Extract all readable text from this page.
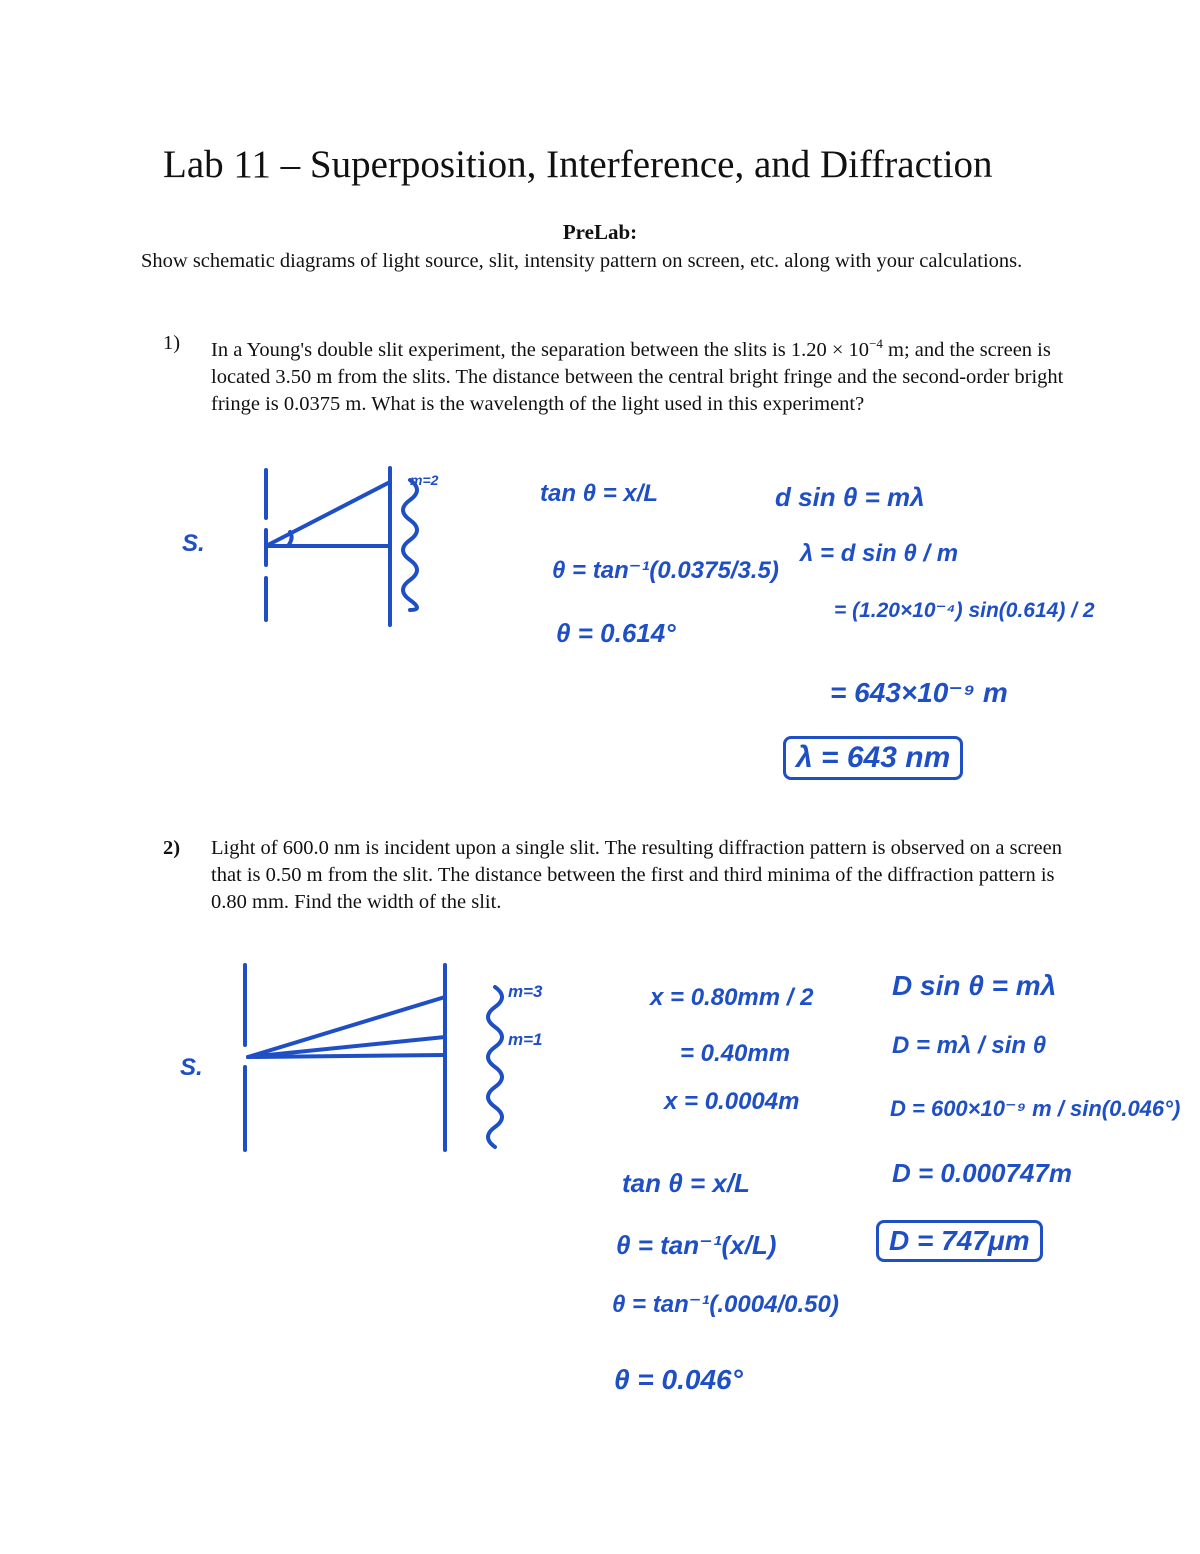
Lab 11 – Superposition, Interference, and Diffraction
PreLab:
Show schematic diagrams of light source, slit, intensity pattern on screen, etc. along with your calculations.
1) In a Young's double slit experiment, the separation between the slits is $1.20 \times 10^{-4}$ m; and the screen is located 3.50 m from the slits. The distance between the central bright fringe and the second-order bright fringe is 0.0375 m. What is the wavelength of the light used in this experiment?
S.
m=2	tan θ = x/L
θ = tan⁻¹(0.0375/3.5)
θ = 0.614°
d sin θ = mλ
λ = d sin θ / m
= (1.20×10⁻⁴) sin(0.614) / 2
= 643×10⁻⁹ m
λ = 643 nm
2) Light of 600.0 nm is incident upon a single slit. The resulting diffraction pattern is observed on a screen that is 0.50 m from the slit. The distance between the first and third minima of the diffraction pattern is 0.80 mm. Find the width of the slit.
S.
m=3
m=1
x = 0.80mm / 2
= 0.40mm
x = 0.0004m
tan θ = x/L
θ = tan⁻¹(x/L)
θ = tan⁻¹(.0004/0.50)
θ = 0.046°
D sin θ = mλ
D = mλ / sin θ
D = 600×10⁻⁹ m / sin(0.046°)
D = 0.000747m
D = 747μm
